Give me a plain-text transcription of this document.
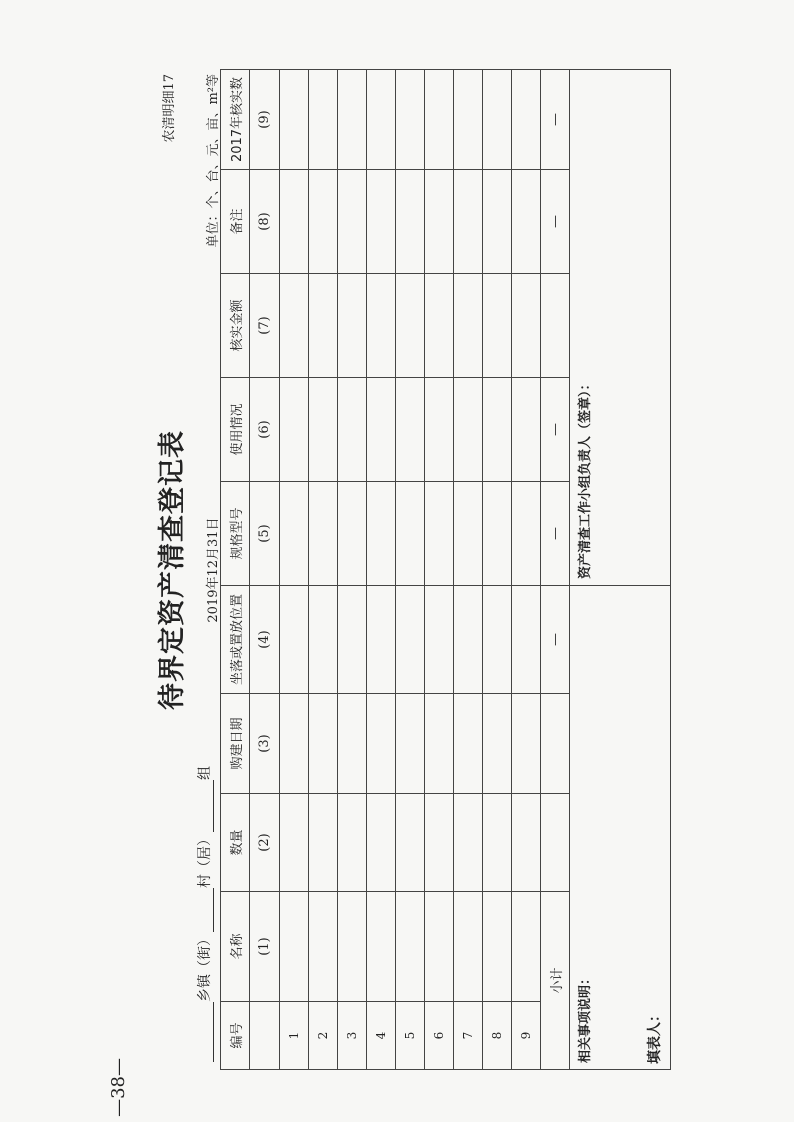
待界定资产清查登记表
农清明细17
乡镇（街）村（居）组
2019年12月31日
单位：个、台、元、亩、m²等
编号	名称	数量	购建日期	坐落或置放位置	规格型号	使用情况	核实金额	备注	2017年核实数
	(1)	(2)	(3)	(4)	(5)	(6)	(7)	(8)	(9)
1									
2									
3									
4									
5									
6									
7									
8									
9									
小计				—	—	—		—	—
相关事项说明：					资产清查工作小组负责人（签章）：				
填表人：
—38—
